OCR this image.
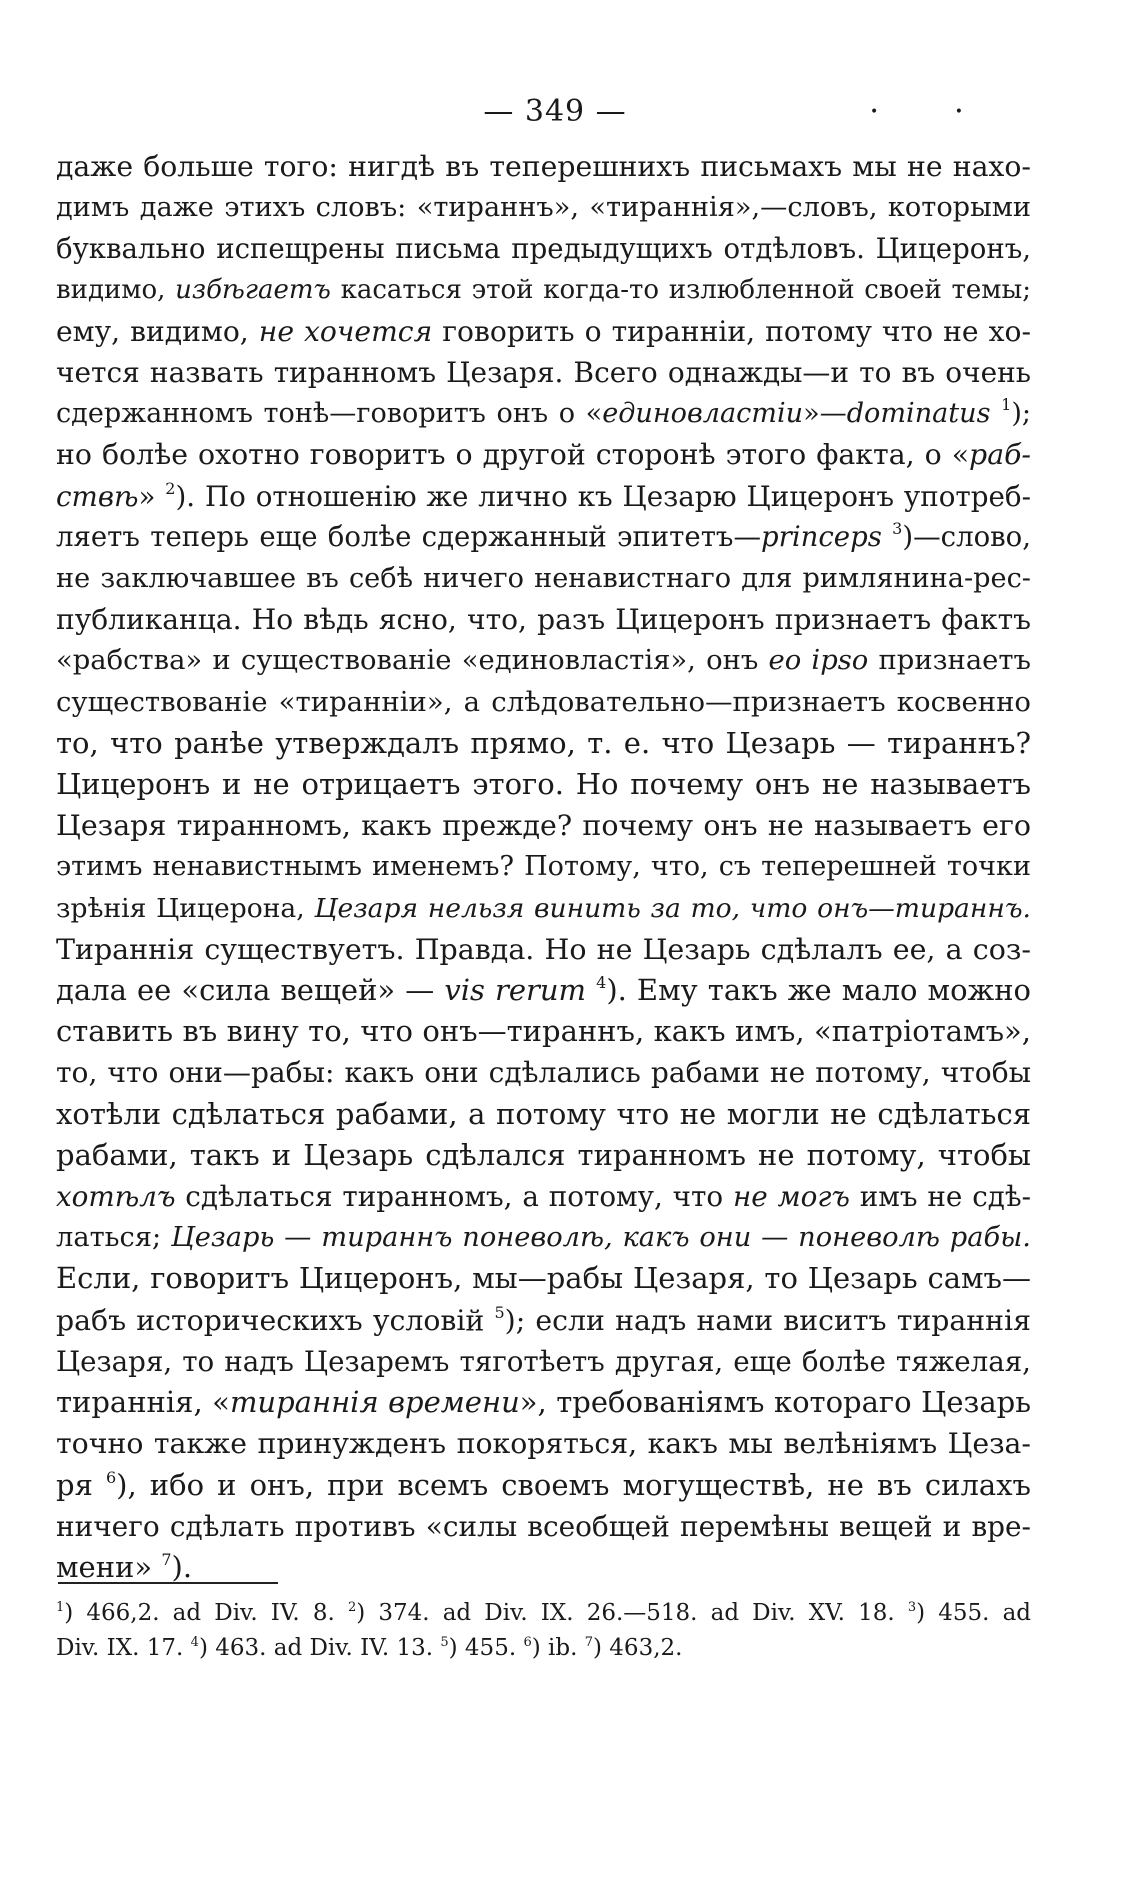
— 349 —	• •
даже больше того: нигдѣ въ теперешнихъ письмахъ мы не нахо-
димъ даже этихъ словъ: «тираннъ», «тираннія»,—словъ, которыми
буквально испещрены письма предыдущихъ отдѣловъ. Цицеронъ,
видимо, избѣгаетъ касаться этой когда-то излюбленной своей темы;
ему, видимо, не хочется говорить о тиранніи, потому что не хо-
чется назвать тиранномъ Цезаря. Всего однажды—и то въ очень
сдержанномъ тонѣ—говоритъ онъ о «единовластіи»—dominatus $^1$);
но болѣе охотно говоритъ о другой сторонѣ этого факта, о «раб-
ствѣ» $^2$). По отношенію же лично къ Цезарю Цицеронъ употреб-
ляетъ теперь еще болѣе сдержанный эпитетъ—princeps $^3$)—слово,
не заключавшее въ себѣ ничего ненавистнаго для римлянина-рес-
публиканца. Но вѣдь ясно, что, разъ Цицеронъ признаетъ фактъ
«рабства» и существованіе «единовластія», онъ eo ipso признаетъ
существованіе «тиранніи», а слѣдовательно—признаетъ косвенно
то, что ранѣе утверждалъ прямо, т. е. что Цезарь — тираннъ?
Цицеронъ и не отрицаетъ этого. Но почему онъ не называетъ
Цезаря тиранномъ, какъ прежде? почему онъ не называетъ его
этимъ ненавистнымъ именемъ? Потому, что, съ теперешней точки
зрѣнія Цицерона, Цезаря нельзя винить за то, что онъ—тираннъ.
Тираннія существуетъ. Правда. Но не Цезарь сдѣлалъ ее, а соз-
дала ее «сила вещей» — vis rerum $^4$). Ему такъ же мало можно
ставить въ вину то, что онъ—тираннъ, какъ имъ, «патріотамъ»,
то, что они—рабы: какъ они сдѣлались рабами не потому, чтобы
хотѣли сдѣлаться рабами, а потому что не могли не сдѣлаться
рабами, такъ и Цезарь сдѣлался тиранномъ не потому, чтобы
хотѣлъ сдѣлаться тиранномъ, а потому, что не могъ имъ не сдѣ-
латься; Цезарь — тираннъ поневолѣ, какъ они — поневолѣ рабы.
Если, говоритъ Цицеронъ, мы—рабы Цезаря, то Цезарь самъ—
рабъ историческихъ условій $^5$); если надъ нами виситъ тираннія
Цезаря, то надъ Цезаремъ тяготѣетъ другая, еще болѣе тяжелая,
тираннія, «тираннія времени», требованіямъ котораго Цезарь
точно также принужденъ покоряться, какъ мы велѣніямъ Цеза-
ря $^6$), ибо и онъ, при всемъ своемъ могуществѣ, не въ силахъ
ничего сдѣлать противъ «силы всеобщей перемѣны вещей и вре-
мени» $^7$).
$^1$) 466,2. ad Div. IV. 8. $^2$) 374. ad Div. IX. 26.—518. ad Div. XV. 18. $^3$) 455. ad
Div. IX. 17. $^4$) 463. ad Div. IV. 13. $^5$) 455. $^6$) ib. $^7$) 463,2.
